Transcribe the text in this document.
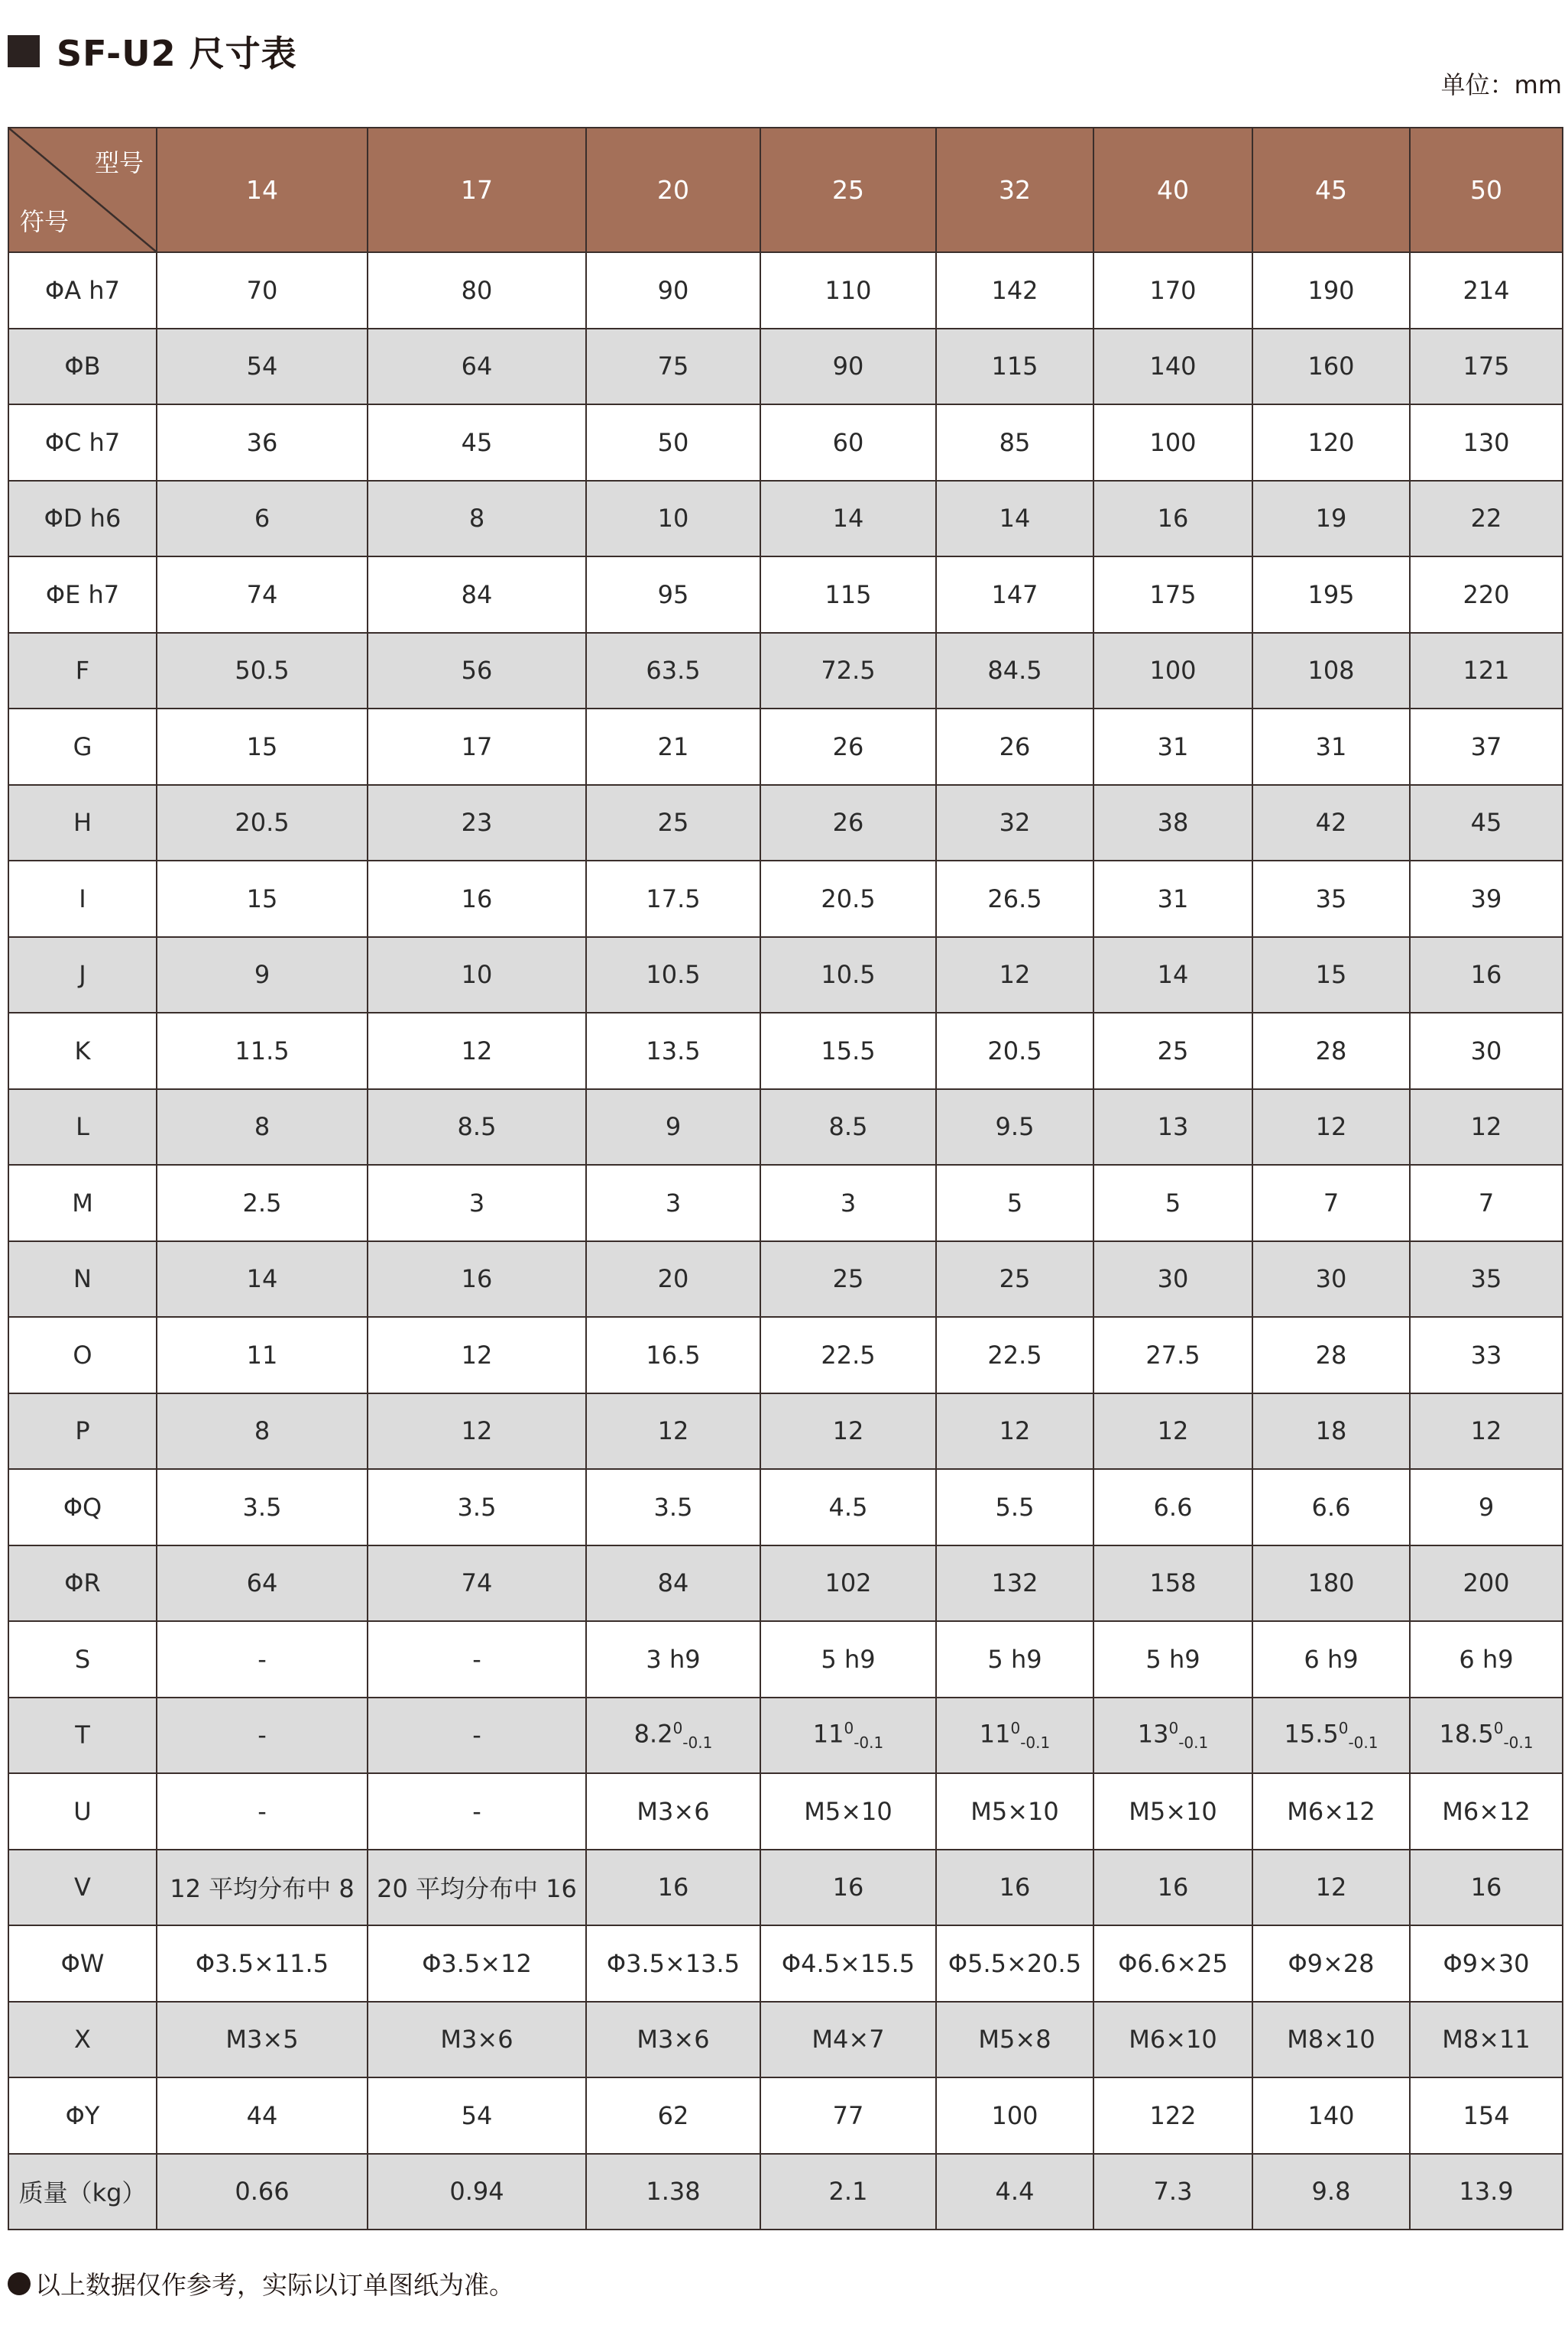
SF-U2 尺寸表
单位：mm
型号
符号	14	17	20	25	32	40	45	50
ΦA h7	70	80	90	110	142	170	190	214
ΦB	54	64	75	90	115	140	160	175
ΦC h7	36	45	50	60	85	100	120	130
ΦD h6	6	8	10	14	14	16	19	22
ΦE h7	74	84	95	115	147	175	195	220
F	50.5	56	63.5	72.5	84.5	100	108	121
G	15	17	21	26	26	31	31	37
H	20.5	23	25	26	32	38	42	45
I	15	16	17.5	20.5	26.5	31	35	39
J	9	10	10.5	10.5	12	14	15	16
K	11.5	12	13.5	15.5	20.5	25	28	30
L	8	8.5	9	8.5	9.5	13	12	12
M	2.5	3	3	3	5	5	7	7
N	14	16	20	25	25	30	30	35
O	11	12	16.5	22.5	22.5	27.5	28	33
P	8	12	12	12	12	12	18	12
ΦQ	3.5	3.5	3.5	4.5	5.5	6.6	6.6	9
ΦR	64	74	84	102	132	158	180	200
S	-	-	3 h9	5 h9	5 h9	5 h9	6 h9	6 h9
T	-	-	$8.2^0_{-0.1}$	$11^0_{-0.1}$	$11^0_{-0.1}$	$13^0_{-0.1}$	$15.5^0_{-0.1}$	$18.5^0_{-0.1}$
U	-	-	M3×6	M5×10	M5×10	M5×10	M6×12	M6×12
V	12 平均分布中 8	20 平均分布中 16	16	16	16	16	12	16
ΦW	Φ3.5×11.5	Φ3.5×12	Φ3.5×13.5	Φ4.5×15.5	Φ5.5×20.5	Φ6.6×25	Φ9×28	Φ9×30
X	M3×5	M3×6	M3×6	M4×7	M5×8	M6×10	M8×10	M8×11
ΦY	44	54	62	77	100	122	140	154
质量（kg）	0.66	0.94	1.38	2.1	4.4	7.3	9.8	13.9
以上数据仅作参考，实际以订单图纸为准。
